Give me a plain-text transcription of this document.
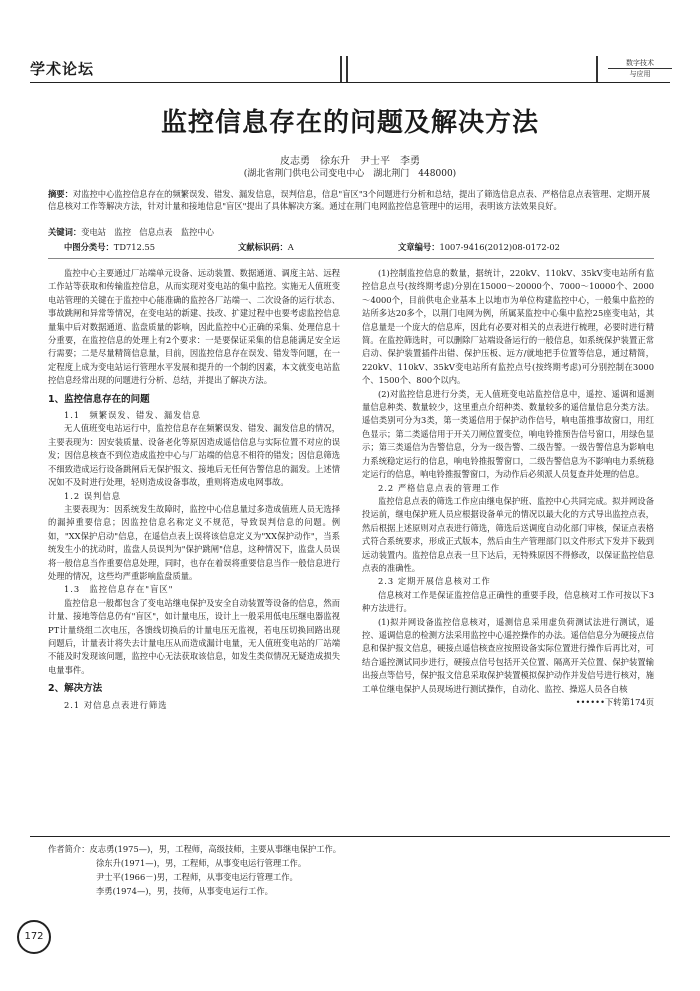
学术论坛	数字技术
与应用
监控信息存在的问题及解决方法
皮志勇　徐东升　尹士平　李勇
(湖北省荆门供电公司变电中心　湖北荆门　448000)
摘要：对监控中心监控信息存在的频繁误发、错发、漏发信息，误判信息，信息"盲区"3个问题进行分析和总结，提出了筛选信息点表、严格信息点表管理、定期开展信息核对工作等解决方法，针对计量和接地信息"盲区"提出了具体解决方案。通过在荆门电网监控信息管理中的运用，表明该方法效果良好。
关键词：变电站　监控　信息点表　监控中心
中图分类号：TD712.55	文献标识码：A	文章编号：1007-9416(2012)08-0172-02

监控中心主要通过厂站端单元设备、远动装置、数据通道、调度主站、远程工作站等获取和传输监控信息，从而实现对变电站的集中监控。实施无人值班变电站管理的关键在于监控中心能准确的监控各厂站端一、二次设备的运行状态、事故跳闸和异常等情况，在变电站的新建、技改、扩建过程中也要考虑监控信息量集中后对数据通道、监盘质量的影响，因此监控中心正确的采集、处理信息十分重要，在监控信息的处理上有2个要求：一是要保证采集的信息能满足安全运行需要；二是尽量精简信息量，目前，因监控信息存在误发、错发等问题，在一定程度上成为变电站运行管理水平发展和提升的一个制约因素，本文就变电站监控信息经常出现的问题进行分析、总结，并提出了解决方法。

1、监控信息存在的问题

1.1　频繁误发、错发、漏发信息

无人值班变电站运行中，监控信息存在频繁误发、错发、漏发信息的情况，主要表现为：因安装质量、设备老化等原因造成遥信信息与实际位置不对应的误发；因信息核查不到位造成监控中心与厂站端的信息不相符的错发；因信息筛选不细致造成运行设备跳闸后无保护报文、接地后无任何告警信息的漏发。上述情况如不及时进行处理，轻则造成设备事故，重则将造成电网事故。

1.2 误判信息

主要表现为：因系统发生故障时，监控中心信息量过多造成值班人员无选择的漏掉重要信息；因监控信息名称定义不规范，导致误判信息的问题。例如，"XX保护启动"信息，在遥信点表上误将该信息定义为"XX保护动作"，当系统发生小的扰动时，监盘人员误判为"保护跳闸"信息，这种情况下，监盘人员误将一般信息当作重要信息处理，同时，也存在着误将重要信息当作一般信息进行处理的情况，这些均严重影响监盘质量。

1.3　监控信息存在"盲区"

监控信息一般都包含了变电站继电保护及安全自动装置等设备的信息，然而计量、接地等信息仍有"盲区"，如计量电压，设计上一般采用低电压继电器监视PT计量绕组二次电压，各馈线切换后的计量电压无监视，若电压切换回路出现问题后，计量表计将失去计量电压从而造成漏计电量，无人值班变电站的厂站端不能及时发现该问题，监控中心无法获取该信息，如发生类似情况无疑造成损失电量事件。

2、解决方法

2.1 对信息点表进行筛选

(1)控制监控信息的数量，据统计，220kV、110kV、35kV变电站所有监控信息点号(按终期考虑)分别在15000～20000个、7000～10000个、2000～4000个，目前供电企业基本上以地市为单位构建监控中心，一般集中监控的站所多达20多个，以荆门电网为例，所属某监控中心集中监控25座变电站，其信息量是一个庞大的信息库，因此有必要对相关的点表进行梳理，必要时进行精简。在监控筛选时，可以删除厂站端设备运行的一般信息，如系统保护装置正常启动、保护装置插件出错、保护压板、远方/就地把手位置等信息，通过精简，220kV、110kV、35kV变电站所有监控点号(按终期考虑)可分别控制在3000个、1500个、800个以内。

(2)对监控信息进行分类，无人值班变电站监控信息中，遥控、遥调和遥测量信息种类、数量较少，这里重点介绍种类、数量较多的遥信量信息分类方法。遥信类别可分为3类，第一类遥信用于保护动作信号，响电笛推事故窗口，用红色显示；第二类遥信用于开关刀闸位置变位，响电铃推预告信号窗口，用绿色显示；第三类遥信为告警信息，分为一级告警、二级告警。一级告警信息为影响电力系统稳定运行的信息，响电铃推报警窗口，二级告警信息为不影响电力系统稳定运行的信息，响电铃推报警窗口，为动作后必须派人员复查并处理的信息。

2.2 严格信息点表的管理工作

监控信息点表的筛选工作应由继电保护班、监控中心共同完成。拟并网设备投运前，继电保护班人员应根据设备单元的情况以最大化的方式导出监控点表，然后根据上述原则对点表进行筛选，筛选后送调度自动化部门审核，保证点表格式符合系统要求，形成正式版本，然后由生产管理部门以文件形式下发并下载到远动装置内。监控信息点表一旦下达后，无特殊原因不得修改，以保证监控信息点表的准确性。

2.3 定期开展信息核对工作

信息核对工作是保证监控信息正确性的重要手段，信息核对工作可按以下3种方法进行。

(1)拟并网设备监控信息核对，遥测信息采用虚负荷测试法进行测试，遥控、遥调信息的检测方法采用监控中心遥控操作的办法。遥信信息分为硬接点信息和保护报文信息，硬接点遥信核查应按照设备实际位置进行操作后再比对，可结合遥控测试同步进行，硬接点信号包括开关位置、隔离开关位置、保护装置输出接点等信号，保护报文信息采取保护装置模拟保护动作并发信号进行核对，施工单位继电保护人员现场进行测试操作，自动化、监控、操巡人员各自核

••••••下转第174页

作者简介：皮志勇(1975—)，男，工程师，高级技师，主要从事继电保护工作。
徐东升(1971—)，男，工程师，从事变电运行管理工作。
尹士平(1966－)男，工程师，从事变电运行管理工作。
李勇(1974—)，男，技师，从事变电运行工作。
172
